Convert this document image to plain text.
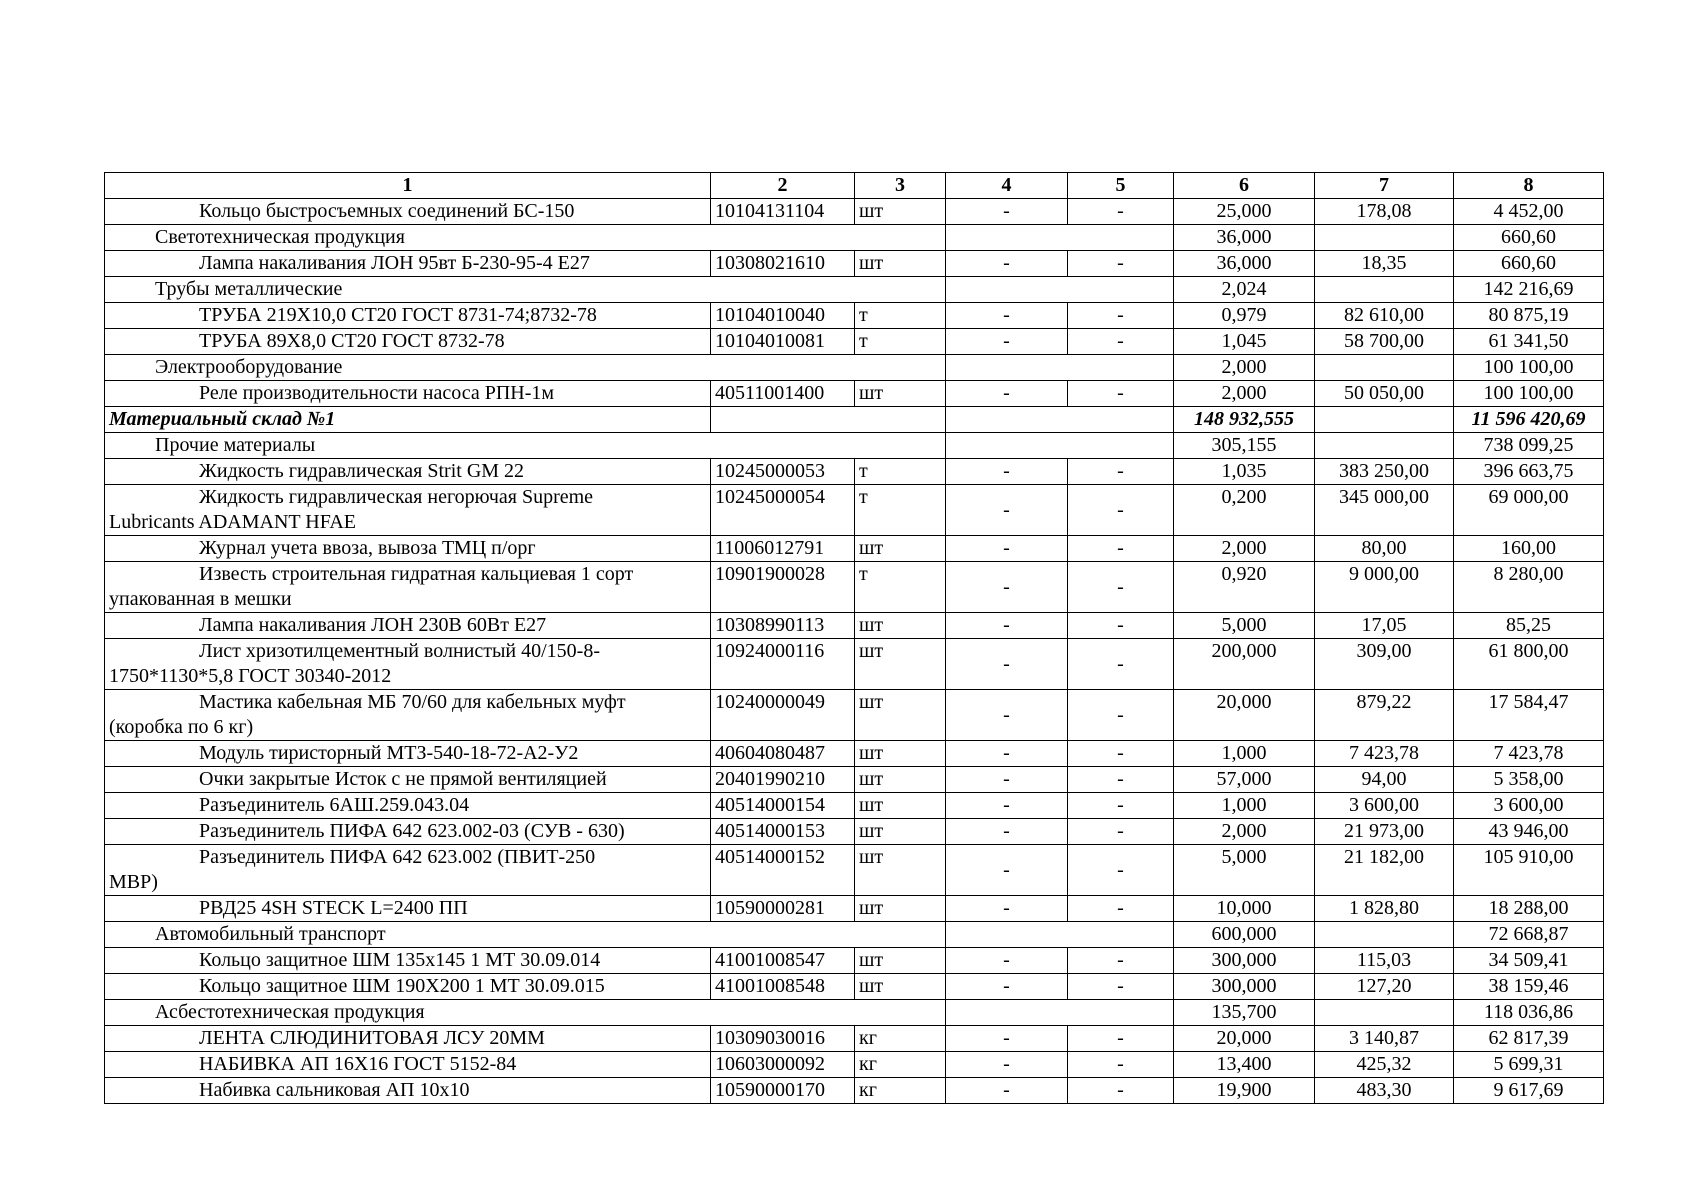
1	2	3	4	5	6	7	8
Кольцо быстросъемных соединений БС-150	10104131104	шт	-	-	25,000	178,08	4 452,00
Светотехническая продукция					36,000		660,60
Лампа накаливания ЛОН 95вт Б-230-95-4 Е27	10308021610	шт	-	-	36,000	18,35	660,60
Трубы металлические					2,024		142 216,69
ТРУБА 219Х10,0 СТ20 ГОСТ 8731-74;8732-78	10104010040	т	-	-	0,979	82 610,00	80 875,19
ТРУБА 89Х8,0 СТ20 ГОСТ 8732-78	10104010081	т	-	-	1,045	58 700,00	61 341,50
Электрооборудование					2,000		100 100,00
Реле производительности насоса РПН-1м	40511001400	шт	-	-	2,000	50 050,00	100 100,00
Материальный склад №1					148 932,555		11 596 420,69
Прочие материалы					305,155		738 099,25
Жидкость гидравлическая Strit GM 22	10245000053	т	-	-	1,035	383 250,00	396 663,75

Жидкость гидравлическая негорючая Supreme
Lubricants ADAMANT HFAE	10245000054	т	-	-	0,200	345 000,00	69 000,00
Журнал учета ввоза, вывоза ТМЦ п/орг	11006012791	шт	-	-	2,000	80,00	160,00

Известь строительная гидратная кальциевая 1 сорт
упакованная в мешки	10901900028	т	-	-	0,920	9 000,00	8 280,00
Лампа накаливания ЛОН 230В 60Вт Е27	10308990113	шт	-	-	5,000	17,05	85,25

Лист хризотилцементный волнистый 40/150-8-
1750*1130*5,8 ГОСТ 30340-2012	10924000116	шт	-	-	200,000	309,00	61 800,00

Мастика кабельная МБ 70/60 для кабельных муфт
(коробка по 6 кг)	10240000049	шт	-	-	20,000	879,22	17 584,47
Модуль тиристорный МТЗ-540-18-72-А2-У2	40604080487	шт	-	-	1,000	7 423,78	7 423,78
Очки закрытые Исток с не прямой вентиляцией	20401990210	шт	-	-	57,000	94,00	5 358,00
Разъединитель 6АШ.259.043.04	40514000154	шт	-	-	1,000	3 600,00	3 600,00
Разъединитель ПИФА 642 623.002-03 (СУВ - 630)	40514000153	шт	-	-	2,000	21 973,00	43 946,00

Разъединитель ПИФА 642 623.002 (ПВИТ-250
МВР)	40514000152	шт	-	-	5,000	21 182,00	105 910,00
РВД25 4SH STECK L=2400 ПП	10590000281	шт	-	-	10,000	1 828,80	18 288,00
Автомобильный транспорт					600,000		72 668,87
Кольцо защитное ШМ 135х145 1 МТ 30.09.014	41001008547	шт	-	-	300,000	115,03	34 509,41
Кольцо защитное ШМ 190Х200 1 МТ 30.09.015	41001008548	шт	-	-	300,000	127,20	38 159,46
Асбестотехническая продукция					135,700		118 036,86
ЛЕНТА СЛЮДИНИТОВАЯ ЛСУ 20ММ	10309030016	кг	-	-	20,000	3 140,87	62 817,39
НАБИВКА АП 16Х16 ГОСТ 5152-84	10603000092	кг	-	-	13,400	425,32	5 699,31
Набивка сальниковая АП 10х10	10590000170	кг	-	-	19,900	483,30	9 617,69
